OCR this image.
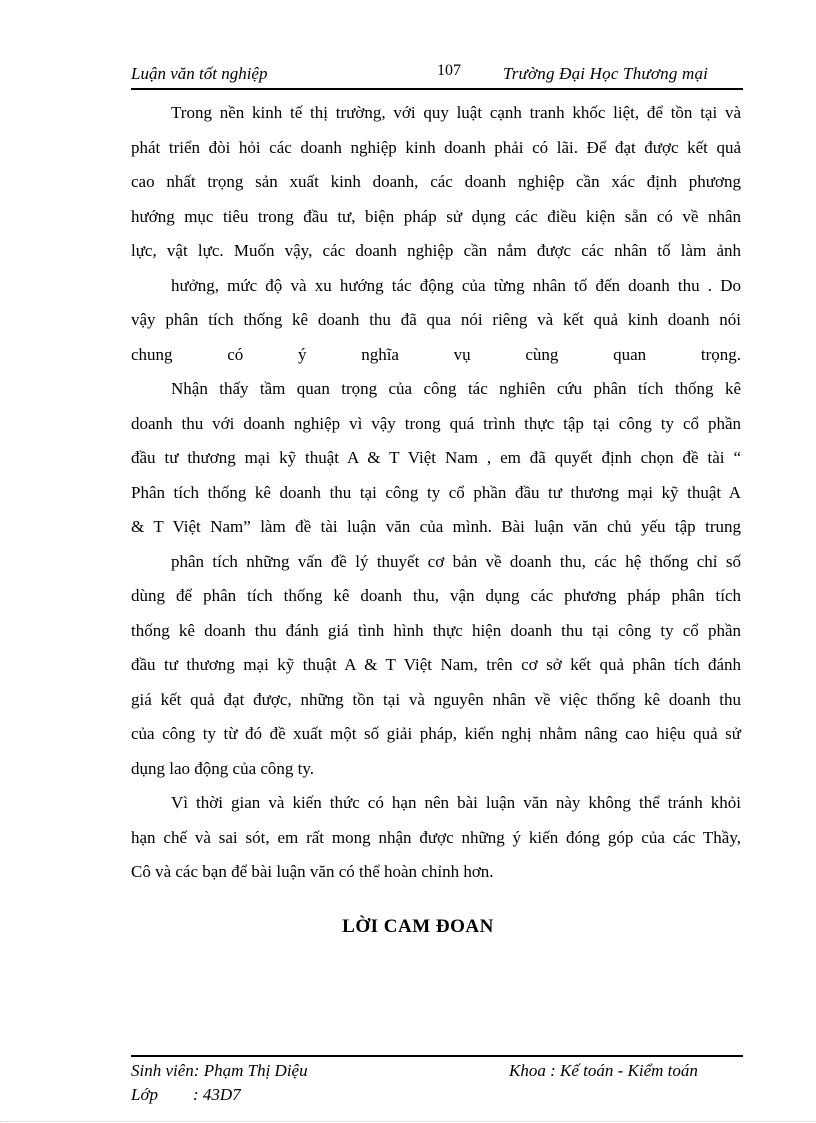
Luận văn tốt nghiệp	107 Trường Đại Học Thương mại
Trong nền kinh tế thị trường, với quy luật cạnh tranh khốc liệt, để tồn tại và
phát triển đòi hỏi các doanh nghiệp kinh doanh phải có lãi. Để đạt được kết quả
cao nhất trọng sản xuất kinh doanh, các doanh nghiệp cần xác định phương
hướng mục tiêu trong đầu tư, biện pháp sử dụng các điều kiện sẵn có về nhân
lực, vật lực. Muốn vậy, các doanh nghiệp cần nắm được các nhân tố làm ảnh
hưởng, mức độ và xu hướng tác động của từng nhân tố đến doanh thu . Do
vậy phân tích thống kê doanh thu đã qua nói riêng và kết quả kinh doanh nói
chung có ý nghĩa vụ cùng quan trọng.
Nhận thấy tầm quan trọng của công tác nghiên cứu phân tích thống kê
doanh thu với doanh nghiệp vì vậy trong quá trình thực tập tại công ty cổ phần
đầu tư thương mại kỹ thuật A & T Việt Nam , em đã quyết định chọn đề tài “
Phân tích thống kê doanh thu tại công ty cổ phần đầu tư thương mại kỹ thuật A
& T Việt Nam” làm đề tài luận văn của mình. Bài luận văn chủ yếu tập trung
phân tích những vấn đề lý thuyết cơ bản về doanh thu, các hệ thống chỉ số
dùng để phân tích thống kê doanh thu, vận dụng các phương pháp phân tích
thống kê doanh thu đánh giá tình hình thực hiện doanh thu tại công ty cổ phần
đầu tư thương mại kỹ thuật A & T Việt Nam, trên cơ sở kết quả phân tích đánh
giá kết quả đạt được, những tồn tại và nguyên nhân về việc thống kê doanh thu
của công ty từ đó đề xuất một số giải pháp, kiến nghị nhằm nâng cao hiệu quả sử
dụng lao động của công ty.
Vì thời gian và kiến thức có hạn nên bài luận văn này không thể tránh khỏi
hạn chế và sai sót, em rất mong nhận được những ý kiến đóng góp của các Thầy,
Cô và các bạn để bài luận văn có thể hoàn chỉnh hơn.
LỜI CAM ĐOAN
Sinh viên: Phạm Thị Diệu	Khoa : Kế toán - Kiểm toán
Lớp : 43D7
